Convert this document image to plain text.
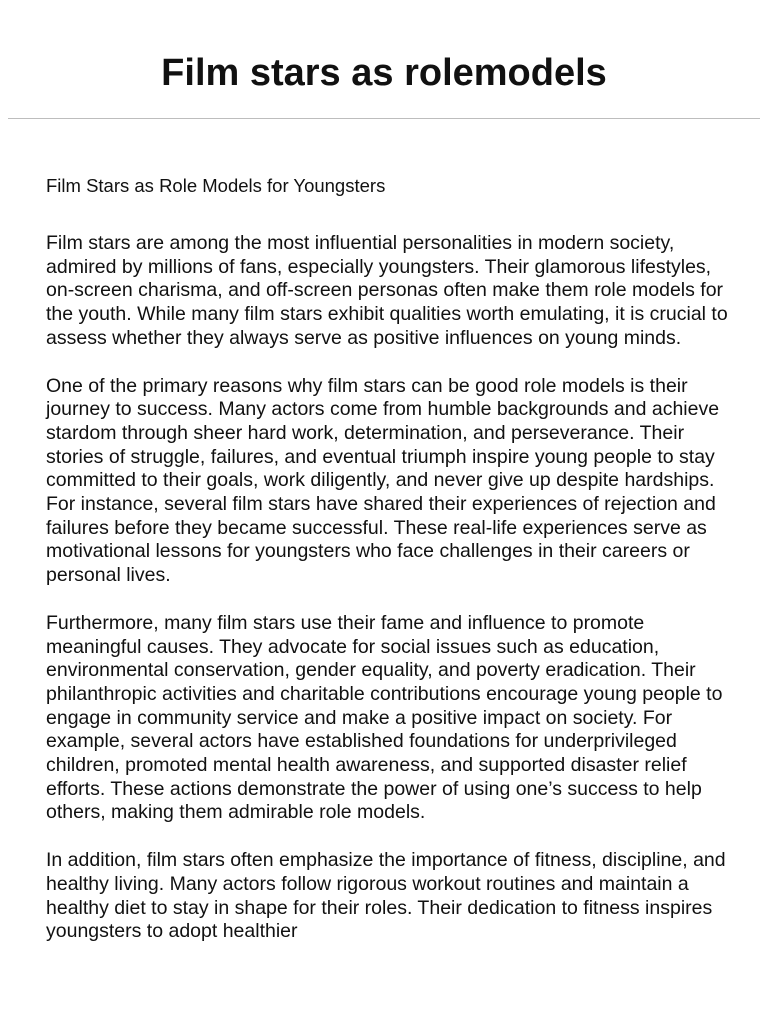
Film stars as rolemodels

Film Stars as Role Models for Youngsters

Film stars are among the most influential personalities in modern society, admired by millions of fans, especially youngsters. Their glamorous lifestyles, on-screen charisma, and off-screen personas often make them role models for the youth. While many film stars exhibit qualities worth emulating, it is crucial to assess whether they always serve as positive influences on young minds.

One of the primary reasons why film stars can be good role models is their journey to success. Many actors come from humble backgrounds and achieve stardom through sheer hard work, determination, and perseverance. Their stories of struggle, failures, and eventual triumph inspire young people to stay committed to their goals, work diligently, and never give up despite hardships. For instance, several film stars have shared their experiences of rejection and failures before they became successful. These real-life experiences serve as motivational lessons for youngsters who face challenges in their careers or personal lives.

Furthermore, many film stars use their fame and influence to promote meaningful causes. They advocate for social issues such as education, environmental conservation, gender equality, and poverty eradication. Their philanthropic activities and charitable contributions encourage young people to engage in community service and make a positive impact on society. For example, several actors have established foundations for underprivileged children, promoted mental health awareness, and supported disaster relief efforts. These actions demonstrate the power of using one’s success to help others, making them admirable role models.

In addition, film stars often emphasize the importance of fitness, discipline, and healthy living. Many actors follow rigorous workout routines and maintain a healthy diet to stay in shape for their roles. Their dedication to fitness inspires youngsters to adopt healthier
